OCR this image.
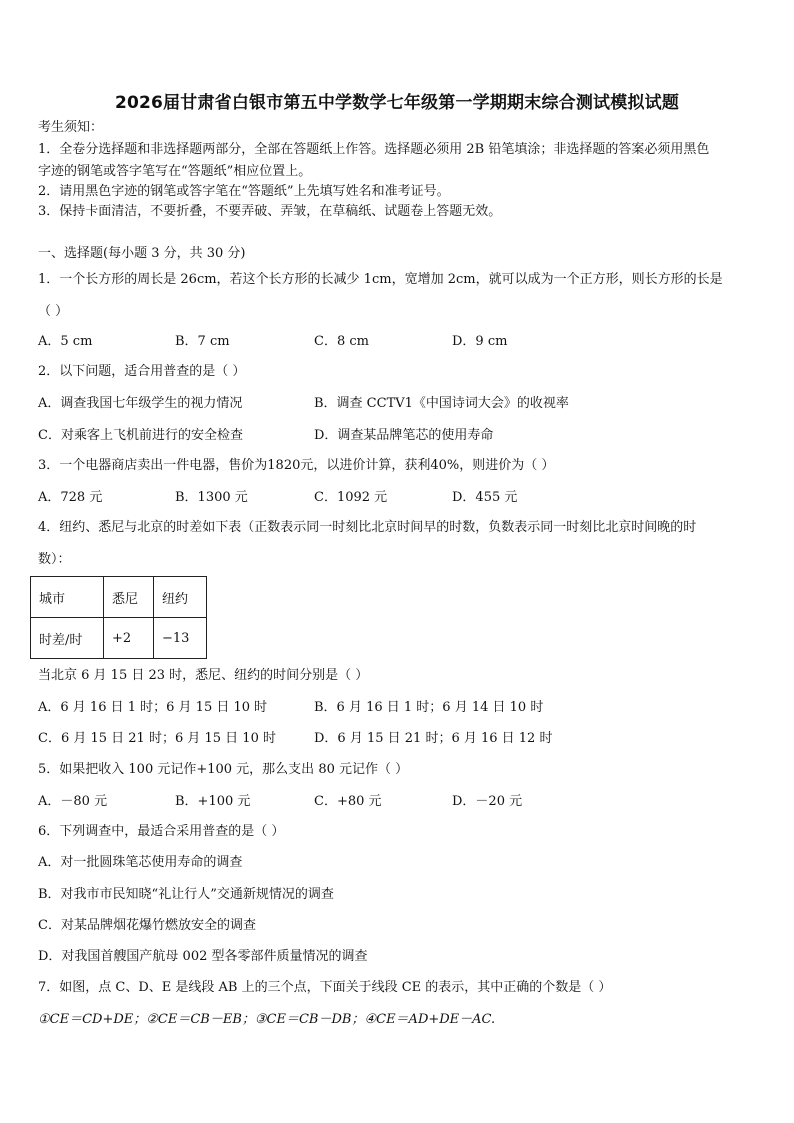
2026届甘肃省白银市第五中学数学七年级第一学期期末综合测试模拟试题
考生须知：
1．全卷分选择题和非选择题两部分，全部在答题纸上作答。选择题必须用 2B 铅笔填涂；非选择题的答案必须用黑色
字迹的钢笔或答字笔写在“答题纸”相应位置上。
2．请用黑色字迹的钢笔或答字笔在“答题纸”上先填写姓名和准考证号。
3．保持卡面清洁，不要折叠，不要弄破、弄皱，在草稿纸、试题卷上答题无效。
一、选择题(每小题 3 分，共 30 分)
1．一个长方形的周长是 26cm，若这个长方形的长减少 1cm，宽增加 2cm，就可以成为一个正方形，则长方形的长是
（ ）
A．5 cm	B．7 cm	C．8 cm	D．9 cm
2．以下问题，适合用普查的是（ ）
A．调查我国七年级学生的视力情况	B．调查 CCTV1《中国诗词大会》的收视率
C．对乘客上飞机前进行的安全检查	D．调查某品牌笔芯的使用寿命
3．一个电器商店卖出一件电器，售价为1820元，以进价计算，获利40%，则进价为（ ）
A．728 元	B．1300 元	C．1092 元	D．455 元
4．纽约、悉尼与北京的时差如下表（正数表示同一时刻比北京时间早的时数，负数表示同一时刻比北京时间晚的时
数）：
城市	悉尼	纽约
时差/时	+2	−13
当北京 6 月 15 日 23 时，悉尼、纽约的时间分别是（ ）
A．6 月 16 日 1 时；6 月 15 日 10 时	B．6 月 16 日 1 时；6 月 14 日 10 时
C．6 月 15 日 21 时；6 月 15 日 10 时	D．6 月 15 日 21 时；6 月 16 日 12 时
5．如果把收入 100 元记作+100 元，那么支出 80 元记作（ ）
A．－80 元	B．+100 元	C．+80 元	D．－20 元
6．下列调查中，最适合采用普查的是（ ）
A．对一批圆珠笔芯使用寿命的调查
B．对我市市民知晓“礼让行人”交通新规情况的调查
C．对某品牌烟花爆竹燃放安全的调查
D．对我国首艘国产航母 002 型各零部件质量情况的调查
7．如图，点 C、D、E 是线段 AB 上的三个点，下面关于线段 CE 的表示，其中正确的个数是（ ）
①CE＝CD+DE；②CE＝CB－EB；③CE＝CB－DB；④CE＝AD+DE－AC.
